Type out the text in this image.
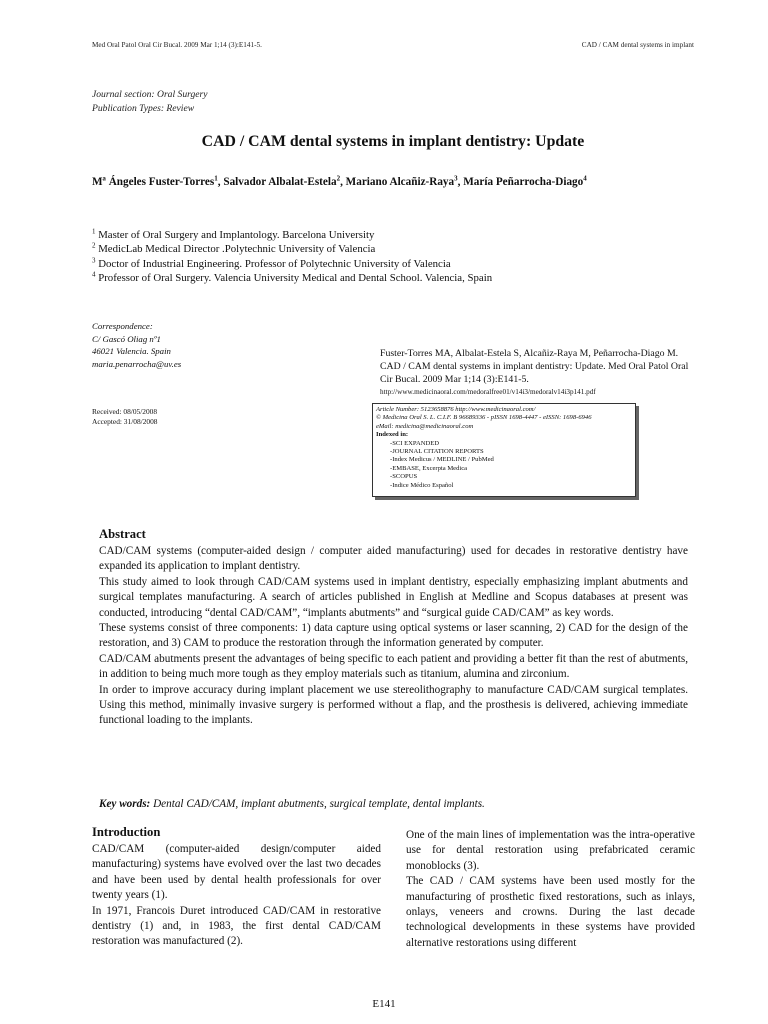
Med Oral Patol Oral Cir Bucal. 2009 Mar 1;14 (3):E141-5.	CAD / CAM dental systems in implant
Journal section: Oral Surgery
Publication Types: Review
CAD / CAM dental systems in implant dentistry: Update
Mª Ángeles Fuster-Torres$^1$, Salvador Albalat-Estela$^2$, Mariano Alcañiz-Raya$^3$, María Peñarrocha-Diago$^4$
$^1$ Master of Oral Surgery and Implantology. Barcelona University
$^2$ MedicLab Medical Director .Polytechnic University of Valencia
$^3$ Doctor of Industrial Engineering. Professor of Polytechnic University of Valencia
$^4$ Professor of Oral Surgery. Valencia University Medical and Dental School. Valencia, Spain
Correspondence:
C/ Gascó Oliag nº1
46021 Valencia. Spain
maria.penarrocha@uv.es
Fuster-Torres MA, Albalat-Estela S, Alcañiz-Raya M, Peñarrocha-Diago M. CAD / CAM dental systems in implant dentistry: Update. Med Oral Patol Oral Cir Bucal. 2009 Mar 1;14 (3):E141-5.
http://www.medicinaoral.com/medoralfree01/v14i3/medoralv14i3p141.pdf
Received: 08/05/2008
Accepted: 31/08/2008
Article Number: 5123658876 http://www.medicinaoral.com/
© Medicina Oral S. L. C.I.F. B 96689336 - pISSN 1698-4447 - eISSN: 1698-6946
eMail: medicina@medicinaoral.com
Indexed in:
-SCI EXPANDED
-JOURNAL CITATION REPORTS
-Index Medicus / MEDLINE / PubMed
-EMBASE, Excerpta Medica
-SCOPUS
-Indice Médico Español
Abstract

CAD/CAM systems (computer-aided design / computer aided manufacturing) used for decades in restorative dentistry have expanded its application to implant dentistry.

This study aimed to look through CAD/CAM systems used in implant dentistry, especially emphasizing implant abutments and surgical templates manufacturing. A search of articles published in English at Medline and Scopus databases at present was conducted, introducing “dental CAD/CAM”, “implants abutments” and “surgical guide CAD/CAM” as key words.

These systems consist of three components: 1) data capture using optical systems or laser scanning, 2) CAD for the design of the restoration, and 3) CAM to produce the restoration through the information generated by computer.

CAD/CAM abutments present the advantages of being specific to each patient and providing a better fit than the rest of abutments, in addition to being much more tough as they employ materials such as titanium, alumina and zirconium.

In order to improve accuracy during implant placement we use stereolithography to manufacture CAD/CAM surgical templates. Using this method, minimally invasive surgery is performed without a flap, and the prosthesis is delivered, achieving immediate functional loading to the implants.

Key words: Dental CAD/CAM, implant abutments, surgical template, dental implants.
Introduction

CAD/CAM (computer-aided design/computer aided manufacturing) systems have evolved over the last two decades and have been used by dental health professionals for over twenty years (1).

In 1971, Francois Duret introduced CAD/CAM in restorative dentistry (1) and, in 1983, the first dental CAD/CAM restoration was manufactured (2).

One of the main lines of implementation was the intra-operative use for dental restoration using prefabricated ceramic monoblocks (3).

The CAD / CAM systems have been used mostly for the manufacturing of prosthetic fixed restorations, such as inlays, onlays, veneers and crowns. During the last decade technological developments in these systems have provided alternative restorations using different

E141
